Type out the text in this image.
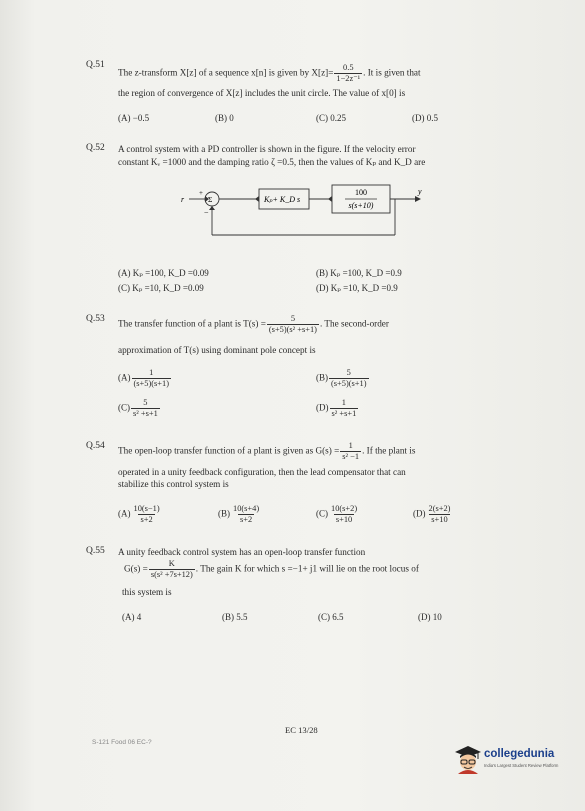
Q.51
The z-transform X[z] of a sequence x[n] is given by $X[z]= \frac{0.5}{\text{1−2z⁻¹}}$ . It is given that
the region of convergence of X[z] includes the unit circle. The value of x[0] is
(A) −0.5	(B) 0	(C) 0.25	(D) 0.5
Q.52 A control system with a PD controller is shown in the figure. If the velocity error
constant Kᵥ =1000 and the damping ratio ζ =0.5, then the values of Kₚ and K_D are
r	Σ
+
−
Kₚ+ K_D s
100
s(s+10)
y
(A) Kₚ =100, K_D =0.09	(B) Kₚ =100, K_D =0.9
(C) Kₚ =10, K_D =0.09	(D) Kₚ =10, K_D =0.9
Q.53 The transfer function of a plant is $T(s) = \frac{5}{\text{(s+5)(s² +s+1)}}$ . The second-order
approximation of T(s) using dominant pole concept is
$(A) \frac{1}{(s+5)(s+1)}$	$(B) \frac{5}{(s+5)(s+1)}$
$(C) \frac{5}{\text{s² +s+1}}$	$(D) \frac{1}{\text{s² +s+1}}$
Q.54 The open-loop transfer function of a plant is given as $G(s) = \frac{1}{\text{s² −1}}$ . If the plant is
operated in a unity feedback configuration, then the lead compensator that can
stabilize this control system is
$(A) \frac{10(s-1)}{s+2}$	$(B) \frac{10(s+4)}{s+2}$	$(C) \frac{10(s+2)}{s+10}$	$(D) \frac{2(s+2)}{s+10}$
Q.55 A unity feedback control system has an open-loop transfer function
$G(s) = \frac{K}{\text{s(s² +7s+12)}}$ . The gain K for which s =−1+ j1 will lie on the root locus of
this system is
(A) 4	(B) 5.5	(C) 6.5	(D) 10
EC 13/28
S-121 Food 06 EC-?
collegedunia
India's Largest Student Review Platform
